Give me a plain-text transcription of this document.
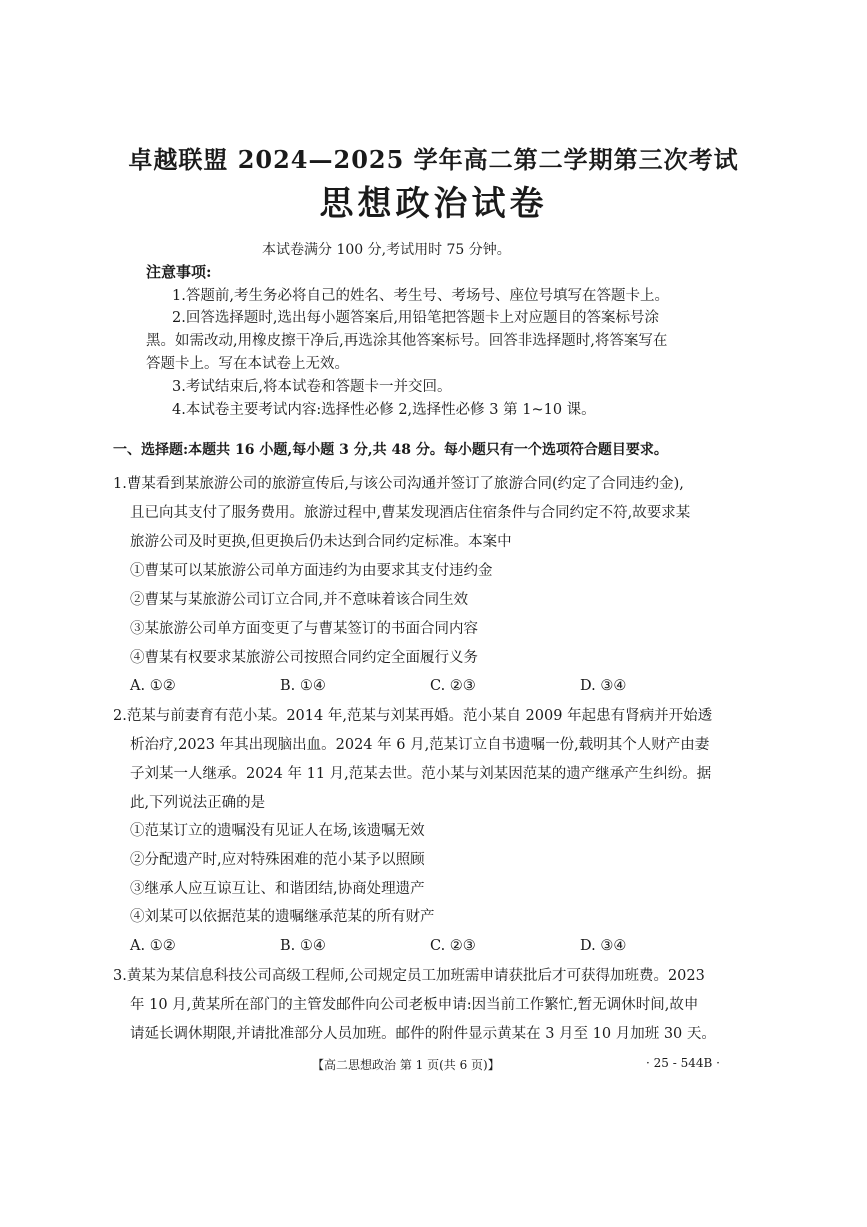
卓越联盟 2024—2025 学年高二第二学期第三次考试
思想政治试卷
本试卷满分 100 分,考试用时 75 分钟。
注意事项:
1.答题前,考生务必将自己的姓名、考生号、考场号、座位号填写在答题卡上。
2.回答选择题时,选出每小题答案后,用铅笔把答题卡上对应题目的答案标号涂
黑。如需改动,用橡皮擦干净后,再选涂其他答案标号。回答非选择题时,将答案写在
答题卡上。写在本试卷上无效。
3.考试结束后,将本试卷和答题卡一并交回。
4.本试卷主要考试内容:选择性必修 2,选择性必修 3 第 1~10 课。
一、选择题:本题共 16 小题,每小题 3 分,共 48 分。每小题只有一个选项符合题目要求。
1.曹某看到某旅游公司的旅游宣传后,与该公司沟通并签订了旅游合同(约定了合同违约金),
且已向其支付了服务费用。旅游过程中,曹某发现酒店住宿条件与合同约定不符,故要求某
旅游公司及时更换,但更换后仍未达到合同约定标准。本案中
①曹某可以某旅游公司单方面违约为由要求其支付违约金
②曹某与某旅游公司订立合同,并不意味着该合同生效
③某旅游公司单方面变更了与曹某签订的书面合同内容
④曹某有权要求某旅游公司按照合同约定全面履行义务
A. ①②	B. ①④	C. ②③	D. ③④
2.范某与前妻育有范小某。2014 年,范某与刘某再婚。范小某自 2009 年起患有肾病并开始透
析治疗,2023 年其出现脑出血。2024 年 6 月,范某订立自书遗嘱一份,载明其个人财产由妻
子刘某一人继承。2024 年 11 月,范某去世。范小某与刘某因范某的遗产继承产生纠纷。据
此,下列说法正确的是
①范某订立的遗嘱没有见证人在场,该遗嘱无效
②分配遗产时,应对特殊困难的范小某予以照顾
③继承人应互谅互让、和谐团结,协商处理遗产
④刘某可以依据范某的遗嘱继承范某的所有财产
A. ①②	B. ①④	C. ②③	D. ③④
3.黄某为某信息科技公司高级工程师,公司规定员工加班需申请获批后才可获得加班费。2023
年 10 月,黄某所在部门的主管发邮件向公司老板申请:因当前工作繁忙,暂无调休时间,故申
请延长调休期限,并请批准部分人员加班。邮件的附件显示黄某在 3 月至 10 月加班 30 天。
【高二思想政治 第 1 页(共 6 页)】	· 25 - 544B ·
